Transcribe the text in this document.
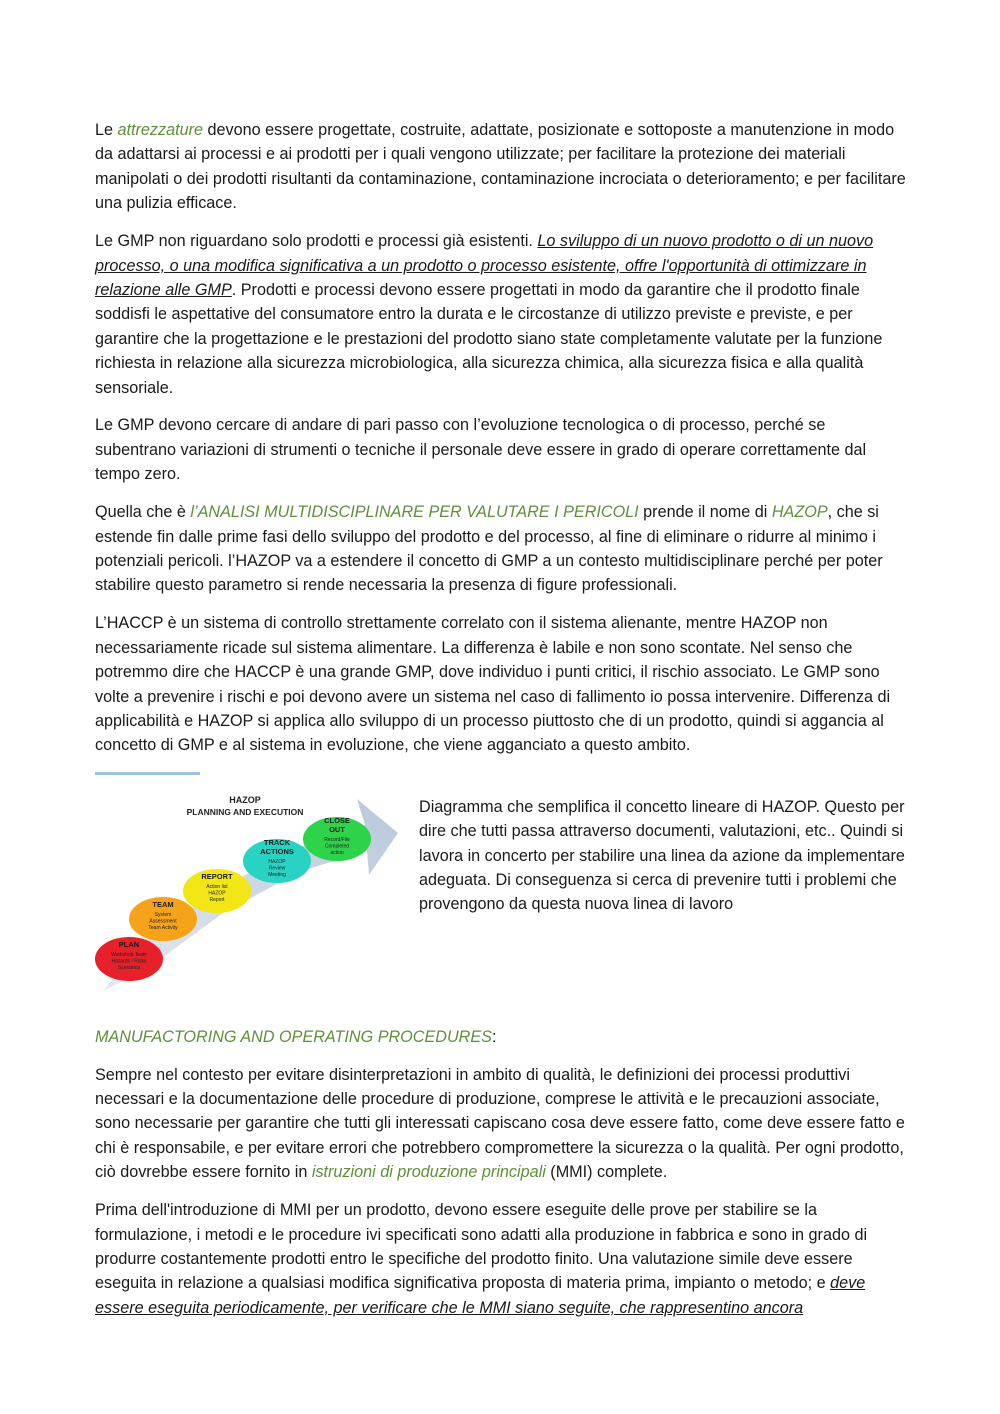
Le attrezzature devono essere progettate, costruite, adattate, posizionate e sottoposte a manutenzione in modo da adattarsi ai processi e ai prodotti per i quali vengono utilizzate; per facilitare la protezione dei materiali manipolati o dei prodotti risultanti da contaminazione, contaminazione incrociata o deterioramento; e per facilitare una pulizia efficace.

Le GMP non riguardano solo prodotti e processi già esistenti. Lo sviluppo di un nuovo prodotto o di un nuovo processo, o una modifica significativa a un prodotto o processo esistente, offre l'opportunità di ottimizzare in relazione alle GMP. Prodotti e processi devono essere progettati in modo da garantire che il prodotto finale soddisfi le aspettative del consumatore entro la durata e le circostanze di utilizzo previste e previste, e per garantire che la progettazione e le prestazioni del prodotto siano state completamente valutate per la funzione richiesta in relazione alla sicurezza microbiologica, alla sicurezza chimica, alla sicurezza fisica e alla qualità sensoriale.

Le GMP devono cercare di andare di pari passo con l’evoluzione tecnologica o di processo, perché se subentrano variazioni di strumenti o tecniche il personale deve essere in grado di operare correttamente dal tempo zero.

Quella che è l’ANALISI MULTIDISCIPLINARE PER VALUTARE I PERICOLI prende il nome di HAZOP, che si estende fin dalle prime fasi dello sviluppo del prodotto e del processo, al fine di eliminare o ridurre al minimo i potenziali pericoli. l’HAZOP va a estendere il concetto di GMP a un contesto multidisciplinare perché per poter stabilire questo parametro si rende necessaria la presenza di figure professionali.

L’HACCP è un sistema di controllo strettamente correlato con il sistema alienante, mentre HAZOP non necessariamente ricade sul sistema alimentare. La differenza è labile e non sono scontate. Nel senso che potremmo dire che HACCP è una grande GMP, dove individuo i punti critici, il rischio associato. Le GMP sono volte a prevenire i rischi e poi devono avere un sistema nel caso di fallimento io possa intervenire. Differenza di applicabilità e HAZOP si applica allo sviluppo di un processo piuttosto che di un prodotto, quindi si aggancia al concetto di GMP e al sistema in evoluzione, che viene agganciato a questo ambito.

HAZOP
PLANNING AND EXECUTION
PLAN
Workshop Team
Hazards / Risks
Scenarios
TEAM
System
Assessment
Team Activity
REPORT
Action list
HAZOP
Report
TRACK
ACTIONS
HAZOP
Review
Meeting
CLOSE
OUT
Record/File
Completed
action

Diagramma che semplifica il concetto lineare di HAZOP. Questo per dire che tutti passa attraverso documenti, valutazioni, etc.. Quindi si lavora in concerto per stabilire una linea da azione da implementare adeguata. Di conseguenza si cerca di prevenire tutti i problemi che provengono da questa nuova linea di lavoro

MANUFACTORING AND OPERATING PROCEDURES:

Sempre nel contesto per evitare disinterpretazioni in ambito di qualità, le definizioni dei processi produttivi necessari e la documentazione delle procedure di produzione, comprese le attività e le precauzioni associate, sono necessarie per garantire che tutti gli interessati capiscano cosa deve essere fatto, come deve essere fatto e chi è responsabile, e per evitare errori che potrebbero compromettere la sicurezza o la qualità. Per ogni prodotto, ciò dovrebbe essere fornito in istruzioni di produzione principali (MMI) complete.

Prima dell'introduzione di MMI per un prodotto, devono essere eseguite delle prove per stabilire se la formulazione, i metodi e le procedure ivi specificati sono adatti alla produzione in fabbrica e sono in grado di produrre costantemente prodotti entro le specifiche del prodotto finito. Una valutazione simile deve essere eseguita in relazione a qualsiasi modifica significativa proposta di materia prima, impianto o metodo; e deve essere eseguita periodicamente, per verificare che le MMI siano seguite, che rappresentino ancora
